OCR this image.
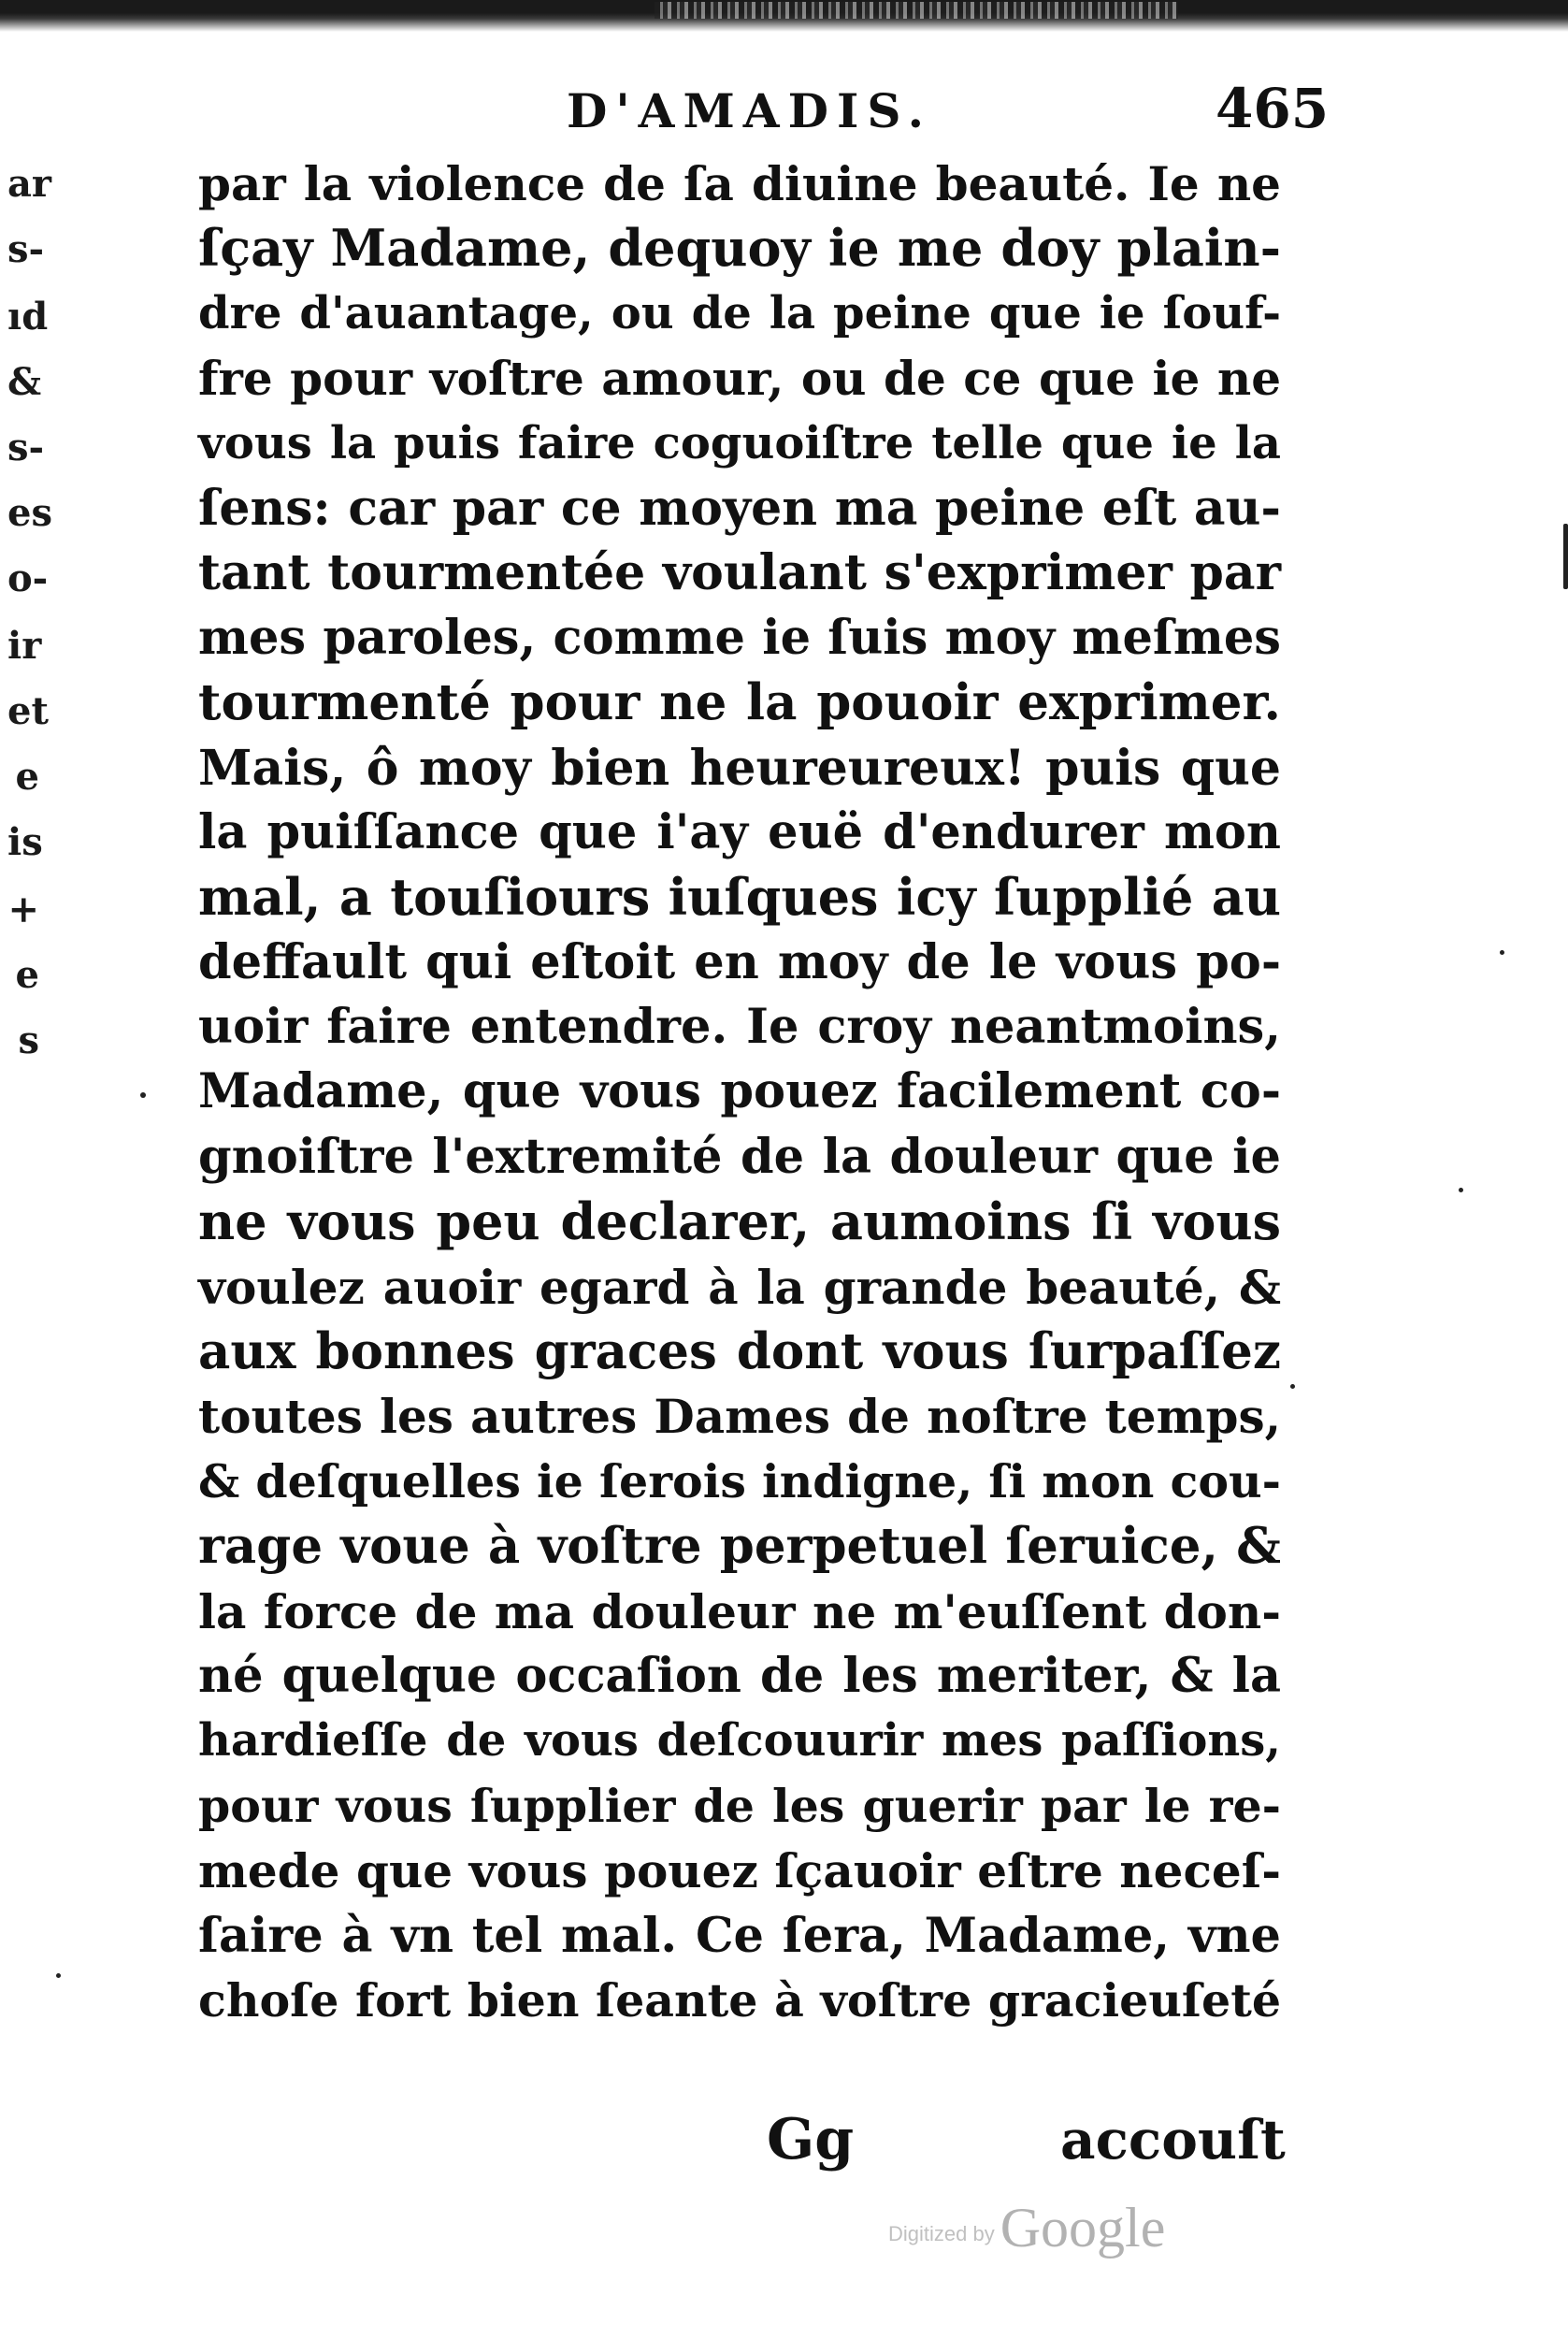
ar
s-
ıd
&
s-
es
o-
ir
et
e
is
+
e
s
D'AMADIS.	465
par la violence de ſa diuine beauté. Ie ne
ſçay Madame, dequoy ie me doy plain-
dre d'auantage, ou de la peine que ie ſouf-
fre pour voſtre amour, ou de ce que ie ne
vous la puis faire coguoiſtre telle que ie la
ſens: car par ce moyen ma peine eſt au-
tant tourmentée voulant s'exprimer par
mes paroles, comme ie ſuis moy meſmes
tourmenté pour ne la pouoir exprimer.
Mais, ô moy bien heureureux! puis que
la puiſſance que i'ay euë d'endurer mon
mal, a touſiours iuſques icy ſupplié au
deffault qui eſtoit en moy de le vous po-
uoir faire entendre. Ie croy neantmoins,
Madame, que vous pouez facilement co-
gnoiſtre l'extremité de la douleur que ie
ne vous peu declarer, aumoins ſi vous
voulez auoir egard à la grande beauté, &
aux bonnes graces dont vous ſurpaſſez
toutes les autres Dames de noſtre temps,
& deſquelles ie ſerois indigne, ſi mon cou-
rage voue à voſtre perpetuel ſeruice, &
la force de ma douleur ne m'euſſent don-
né quelque occaſion de les meriter, & la
hardieſſe de vous deſcouurir mes paſſions,
pour vous ſupplier de les guerir par le re-
mede que vous pouez ſçauoir eſtre neceſ-
ſaire à vn tel mal. Ce ſera, Madame, vne
choſe fort bien ſeante à voſtre gracieuſeté
Gg	accouſt
Digitized by Google
